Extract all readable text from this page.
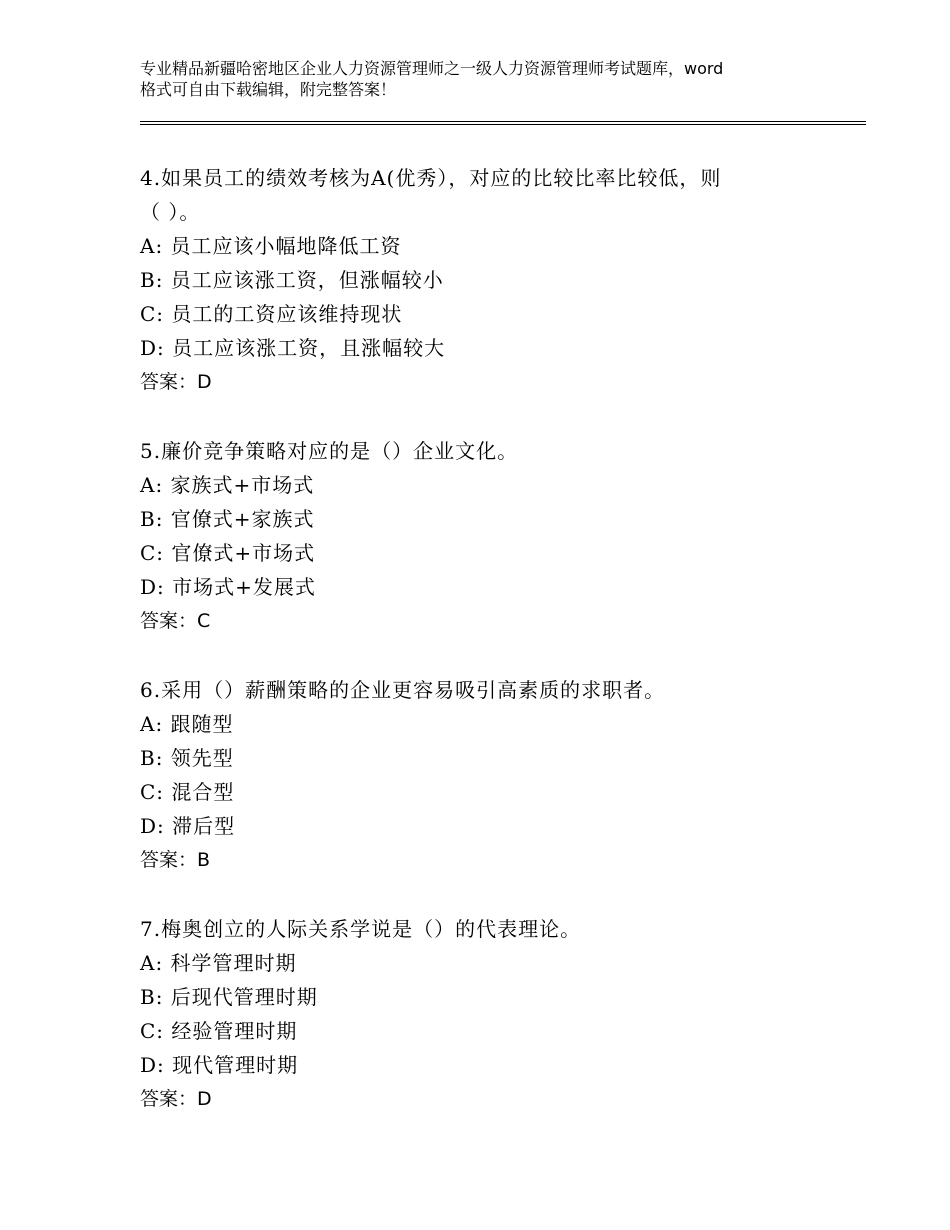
专业精品新疆哈密地区企业人力资源管理师之一级人力资源管理师考试题库，word
格式可自由下载编辑，附完整答案！
4.如果员工的绩效考核为A(优秀），对应的比较比率比较低，则
（ ）。
A: 员工应该小幅地降低工资
B: 员工应该涨工资，但涨幅较小
C: 员工的工资应该维持现状
D: 员工应该涨工资，且涨幅较大
答案：D
5.廉价竞争策略对应的是（）企业文化。
A: 家族式+市场式
B: 官僚式+家族式
C: 官僚式+市场式
D: 市场式+发展式
答案：C
6.采用（）薪酬策略的企业更容易吸引高素质的求职者。
A: 跟随型
B: 领先型
C: 混合型
D: 滞后型
答案：B
7.梅奥创立的人际关系学说是（）的代表理论。
A: 科学管理时期
B: 后现代管理时期
C: 经验管理时期
D: 现代管理时期
答案：D
